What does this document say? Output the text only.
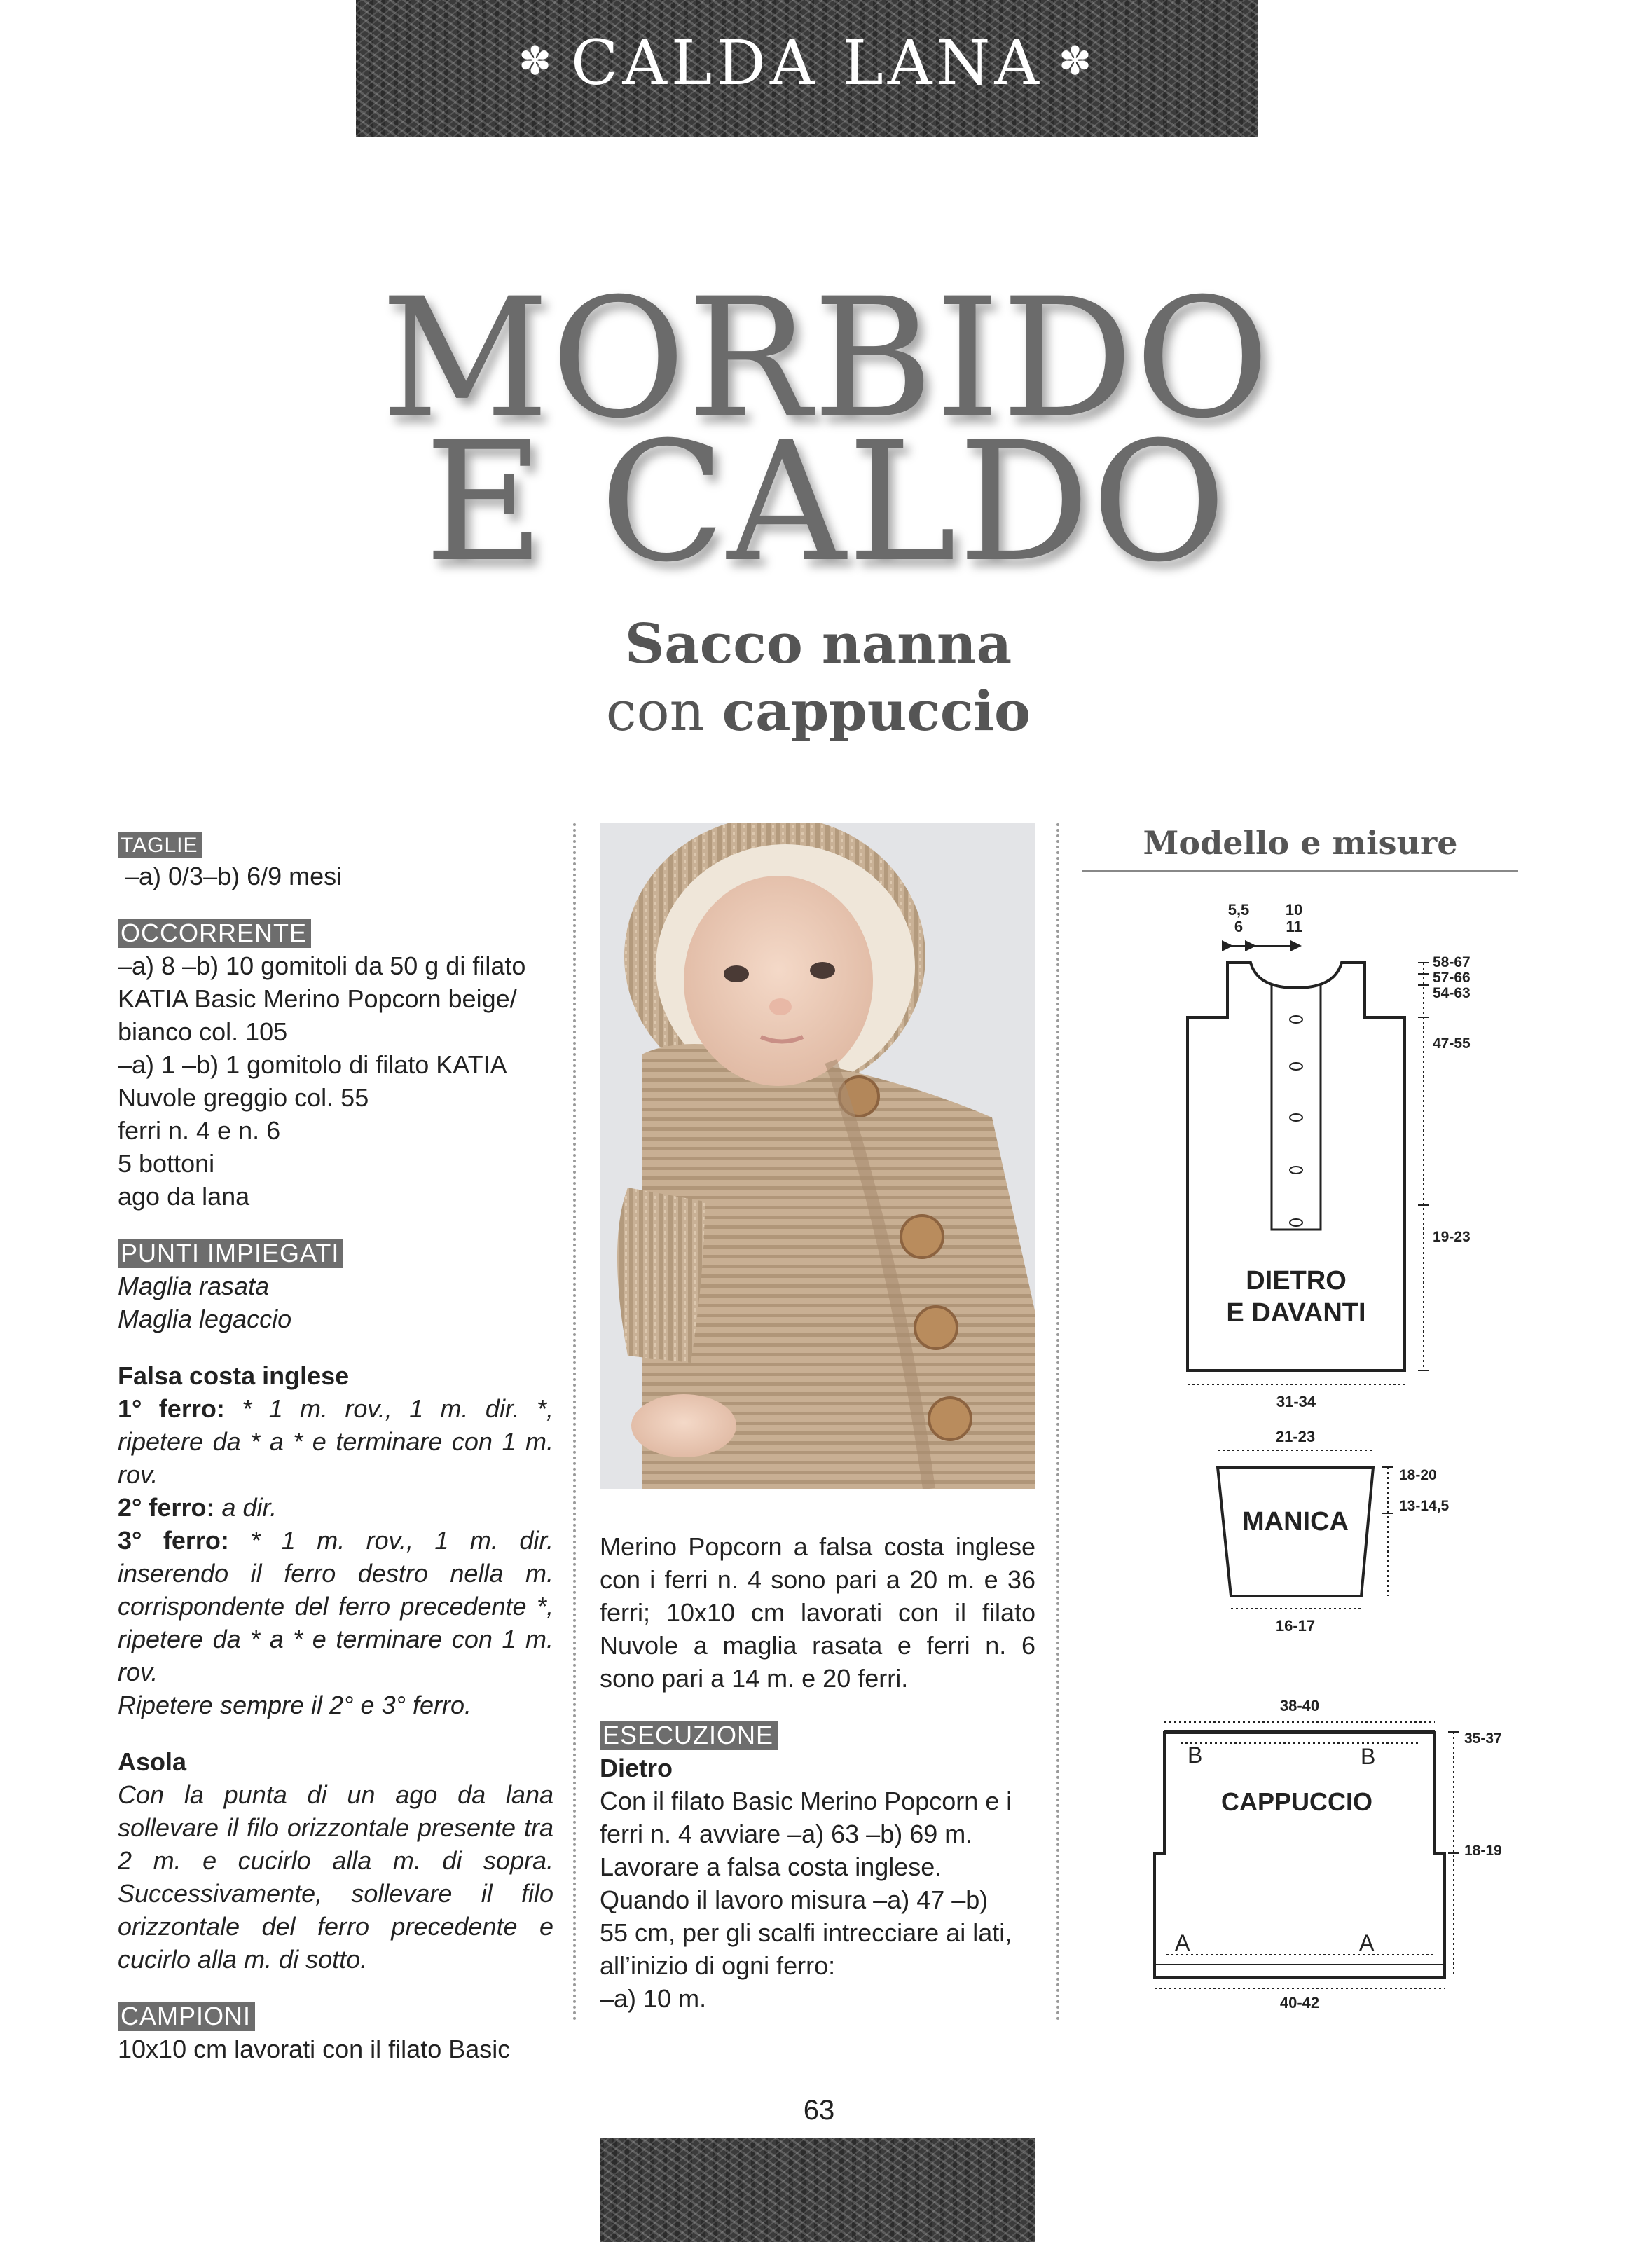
✽ CALDA LANA ✽
MORBIDO
E CALDO
Sacco nanna
con cappuccio
TAGLIE

–a) 0/3–b) 6/9 mesi

OCCORRENTE

–a) 8 –b) 10 gomitoli da 50 g di filato

KATIA Basic Merino Popcorn beige/

bianco col. 105

–a) 1 –b) 1 gomitolo di filato KATIA

Nuvole greggio col. 55

ferri n. 4 e n. 6

5 bottoni

ago da lana

PUNTI IMPIEGATI

Maglia rasata

Maglia legaccio

Falsa costa inglese

1° ferro: * 1 m. rov., 1 m. dir. *, ripetere da * a * e terminare con 1 m. rov.

2° ferro: a dir.

3° ferro: * 1 m. rov., 1 m. dir. inserendo il ferro destro nella m. corrispondente del ferro precedente *, ripetere da * a * e terminare con 1 m. rov.

Ripetere sempre il 2° e 3° ferro.

Asola

Con la punta di un ago da lana sollevare il filo orizzontale presente tra 2 m. e cucirlo alla m. di sopra. Successivamente, sollevare il filo orizzontale del ferro precedente e cucirlo alla m. di sotto.

CAMPIONI

10x10 cm lavorati con il filato Basic

Merino Popcorn a falsa costa inglese con i ferri n. 4 sono pari a 20 m. e 36 ferri; 10x10 cm lavorati con il filato Nuvole a maglia rasata e ferri n. 6 sono pari a 14 m. e 20 ferri.

ESECUZIONE

Dietro

Con il filato Basic Merino Popcorn e i

ferri n. 4 avviare –a) 63 –b) 69 m.

Lavorare a falsa costa inglese.

Quando il lavoro misura –a) 47 –b)

55 cm, per gli scalfi intrecciare ai lati,

all’inizio di ogni ferro:

–a) 10 m.

Modello e misure
DIETRO
E DAVANTI
5,5
6
10
11
58-67
57-66
54-63
47-55
19-23
31-34
21-23
MANICA
18-20
13-14,5
16-17
38-40
B	B
CAPPUCCIO
A	A
35-37
18-19
40-42
63
